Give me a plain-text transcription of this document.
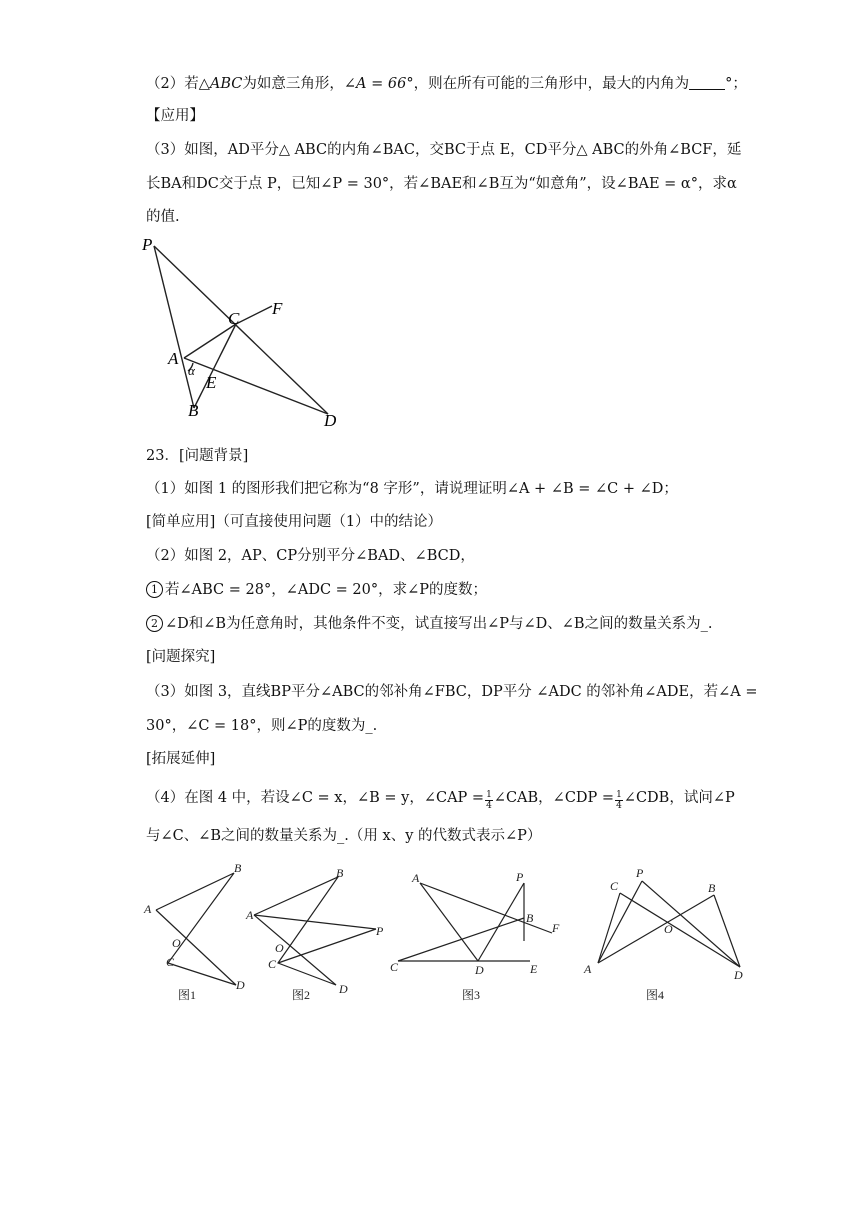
（2）若△ABC为如意三角形，∠A = 66°，则在所有可能的三角形中，最大的内角为 °；
【应用】
（3）如图，AD平分△ ABC的内角∠BAC，交BC于点 E，CD平分△ ABC的外角∠BCF，延
长BA和DC交于点 P，已知∠P = 30°，若∠BAE和∠B互为“如意角”，设∠BAE = α°，求α
的值.
P
C
F
A
α
E
B
D
23．[问题背景]
（1）如图 1 的图形我们把它称为“8 字形”，请说理证明∠A + ∠B = ∠C + ∠D；
[简单应用]（可直接使用问题（1）中的结论）
（2）如图 2，AP、CP分别平分∠BAD、∠BCD，
1 若∠ABC = 28°，∠ADC = 20°，求∠P的度数；
2 ∠D和∠B为任意角时，其他条件不变，试直接写出∠P与∠D、∠B之间的数量关系为_.
[问题探究]
（3）如图 3，直线BP平分∠ABC的邻补角∠FBC，DP平分 ∠ADC 的邻补角∠ADE，若∠A =
30°，∠C = 18°，则∠P的度数为_.
[拓展延伸]
（4）在图 4 中，若设∠C = x，∠B = y，∠CAP = $\frac{1}{4}$ ∠CAB，∠CDP = $\frac{1}{4}$ ∠CDB，试问∠P
与∠C、∠B之间的数量关系为_.（用 x、y 的代数式表示∠P）
A
B
O
C
D
A
B
P
O
C
D
A	P
B
F
C	D	E
C
P
B
O
A	D
图1	图2	图3	图4
